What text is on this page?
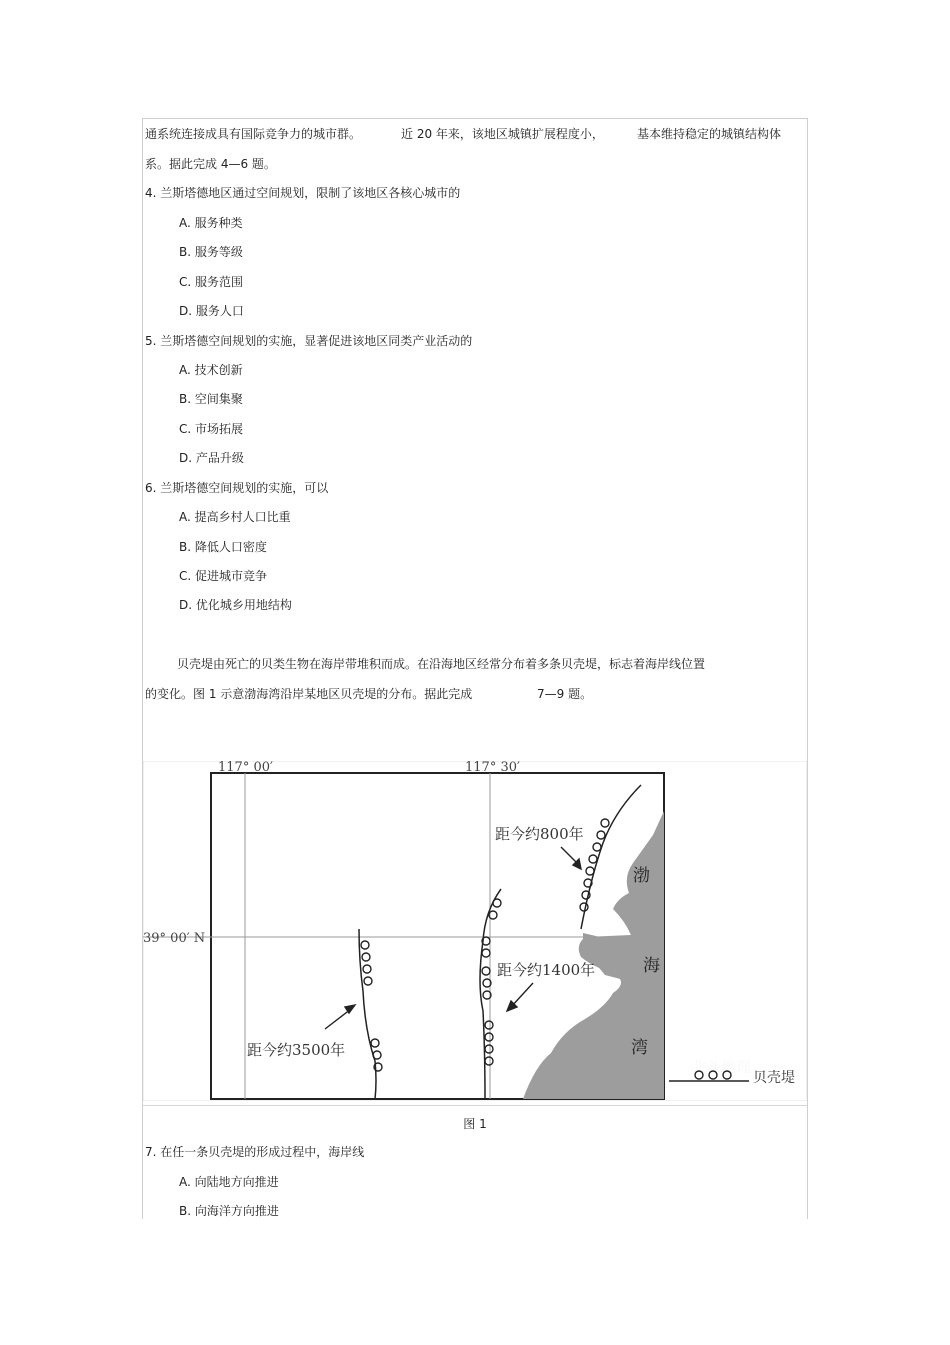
通系统连接成具有国际竞争力的城市群。	近 20 年来，该地区城镇扩展程度小，	基本维持稳定的城镇结构体
系。据此完成 4—6 题。
4. 兰斯塔德地区通过空间规划，限制了该地区各核心城市的
A. 服务种类
B. 服务等级
C. 服务范围
D. 服务人口
5. 兰斯塔德空间规划的实施，显著促进该地区同类产业活动的
A. 技术创新
B. 空间集聚
C. 市场拓展
D. 产品升级
6. 兰斯塔德空间规划的实施，可以
A. 提高乡村人口比重
B. 降低人口密度
C. 促进城市竞争
D. 优化城乡用地结构
贝壳堤由死亡的贝类生物在海岸带堆积而成。在沿海地区经常分布着多条贝壳堤，标志着海岸线位置
的变化。图 1 示意渤海湾沿岸某地区贝壳堤的分布。据此完成	7—9 题。
117° 00′	117° 30′
39° 00′ N
距今约800年
距今约1400年
距今约3500年
渤
海
湾
北斗地理
贝壳堤
图 1
7. 在任一条贝壳堤的形成过程中，海岸线
A. 向陆地方向推进
B. 向海洋方向推进
